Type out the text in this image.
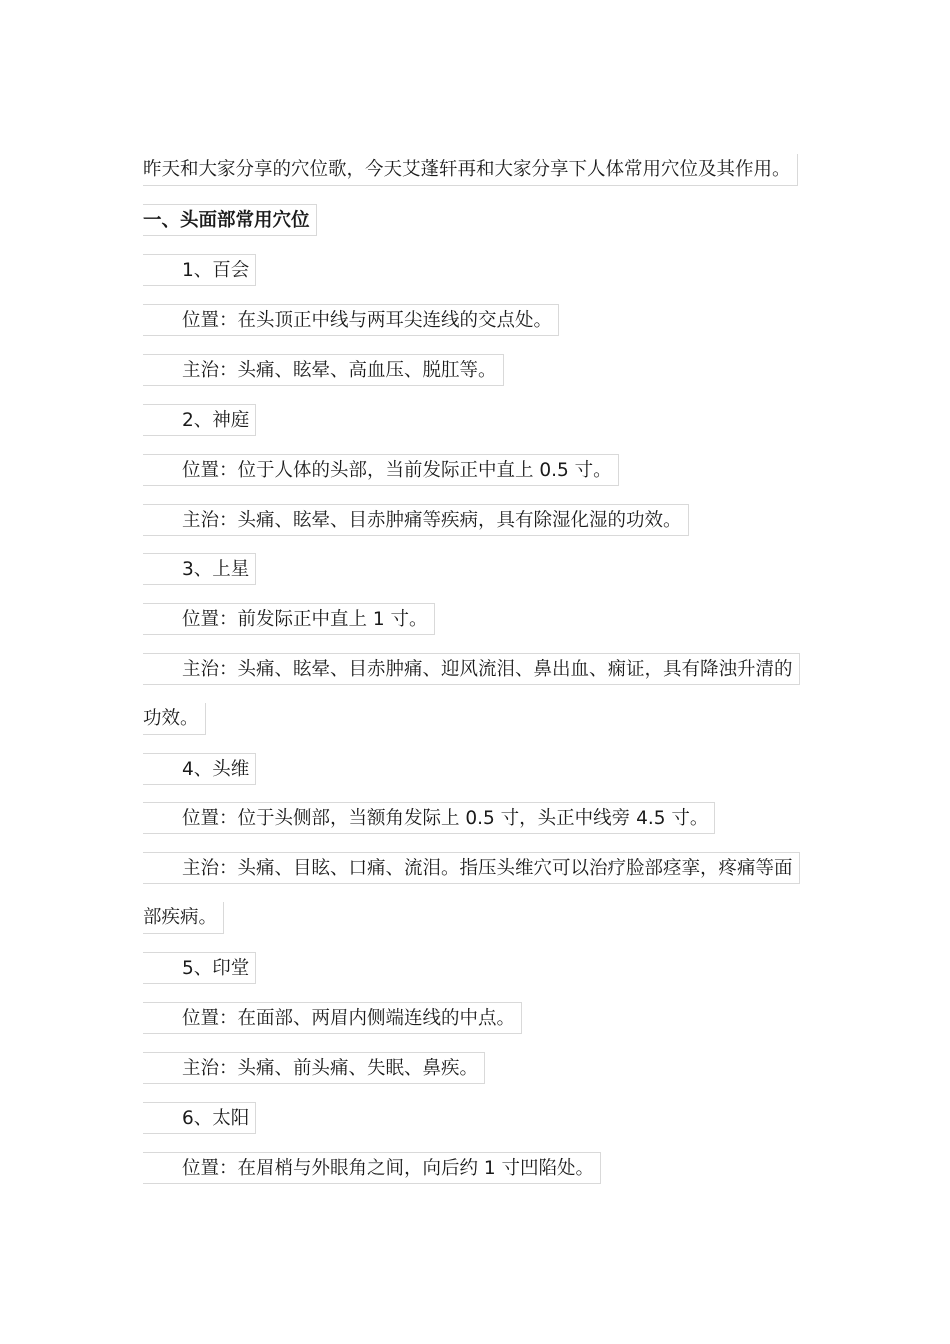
昨天和大家分享的穴位歌，今天艾蓬轩再和大家分享下人体常用穴位及其作用。
一、头面部常用穴位
1、百会
位置：在头顶正中线与两耳尖连线的交点处。
主治：头痛、眩晕、高血压、脱肛等。
2、神庭
位置：位于人体的头部，当前发际正中直上 0.5 寸。
主治：头痛、眩晕、目赤肿痛等疾病，具有除湿化湿的功效。
3、上星
位置：前发际正中直上 1 寸。
主治：头痛、眩晕、目赤肿痛、迎风流泪、鼻出血、痫证，具有降浊升清的
功效。
4、头维
位置：位于头侧部，当额角发际上 0.5 寸，头正中线旁 4.5 寸。
主治：头痛、目眩、口痛、流泪。指压头维穴可以治疗脸部痉挛，疼痛等面
部疾病。
5、印堂
位置：在面部、两眉内侧端连线的中点。
主治：头痛、前头痛、失眠、鼻疾。
6、太阳
位置：在眉梢与外眼角之间，向后约 1 寸凹陷处。
